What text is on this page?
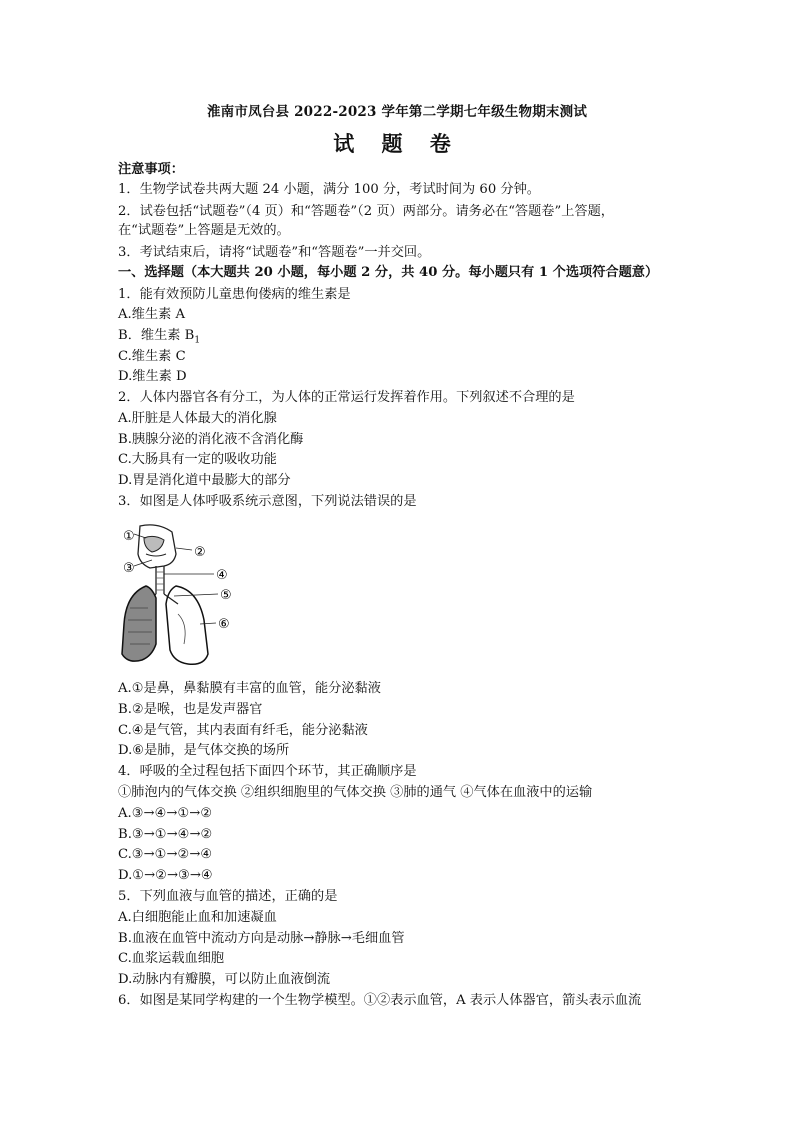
淮南市凤台县 2022-2023 学年第二学期七年级生物期末测试
试 题 卷
注意事项：
1．生物学试卷共两大题 24 小题，满分 100 分，考试时间为 60 分钟。
2．试卷包括“试题卷”（4 页）和“答题卷”（2 页）两部分。请务必在“答题卷”上答题，
在“试题卷”上答题是无效的。
3．考试结束后，请将“试题卷”和“答题卷”一并交回。
一、选择题（本大题共 20 小题，每小题 2 分，共 40 分。每小题只有 1 个选项符合题意）
1．能有效预防儿童患佝偻病的维生素是
A.维生素 A
B．维生素 $B_1$
C.维生素 C
D.维生素 D
2．人体内器官各有分工，为人体的正常运行发挥着作用。下列叙述不合理的是
A.肝脏是人体最大的消化腺
B.胰腺分泌的消化液不含消化酶
C.大肠具有一定的吸收功能
D.胃是消化道中最膨大的部分
3．如图是人体呼吸系统示意图，下列说法错误的是
①
②
③	④
⑤
⑥
A.①是鼻，鼻黏膜有丰富的血管，能分泌黏液
B.②是喉，也是发声器官
C.④是气管，其内表面有纤毛，能分泌黏液
D.⑥是肺，是气体交换的场所
4．呼吸的全过程包括下面四个环节，其正确顺序是
①肺泡内的气体交换 ②组织细胞里的气体交换 ③肺的通气 ④气体在血液中的运输
A.③→④→①→②
B.③→①→④→②
C.③→①→②→④
D.①→②→③→④
5．下列血液与血管的描述，正确的是
A.白细胞能止血和加速凝血
B.血液在血管中流动方向是动脉→静脉→毛细血管
C.血浆运载血细胞
D.动脉内有瓣膜，可以防止血液倒流
6．如图是某同学构建的一个生物学模型。①②表示血管，A 表示人体器官，箭头表示血流
